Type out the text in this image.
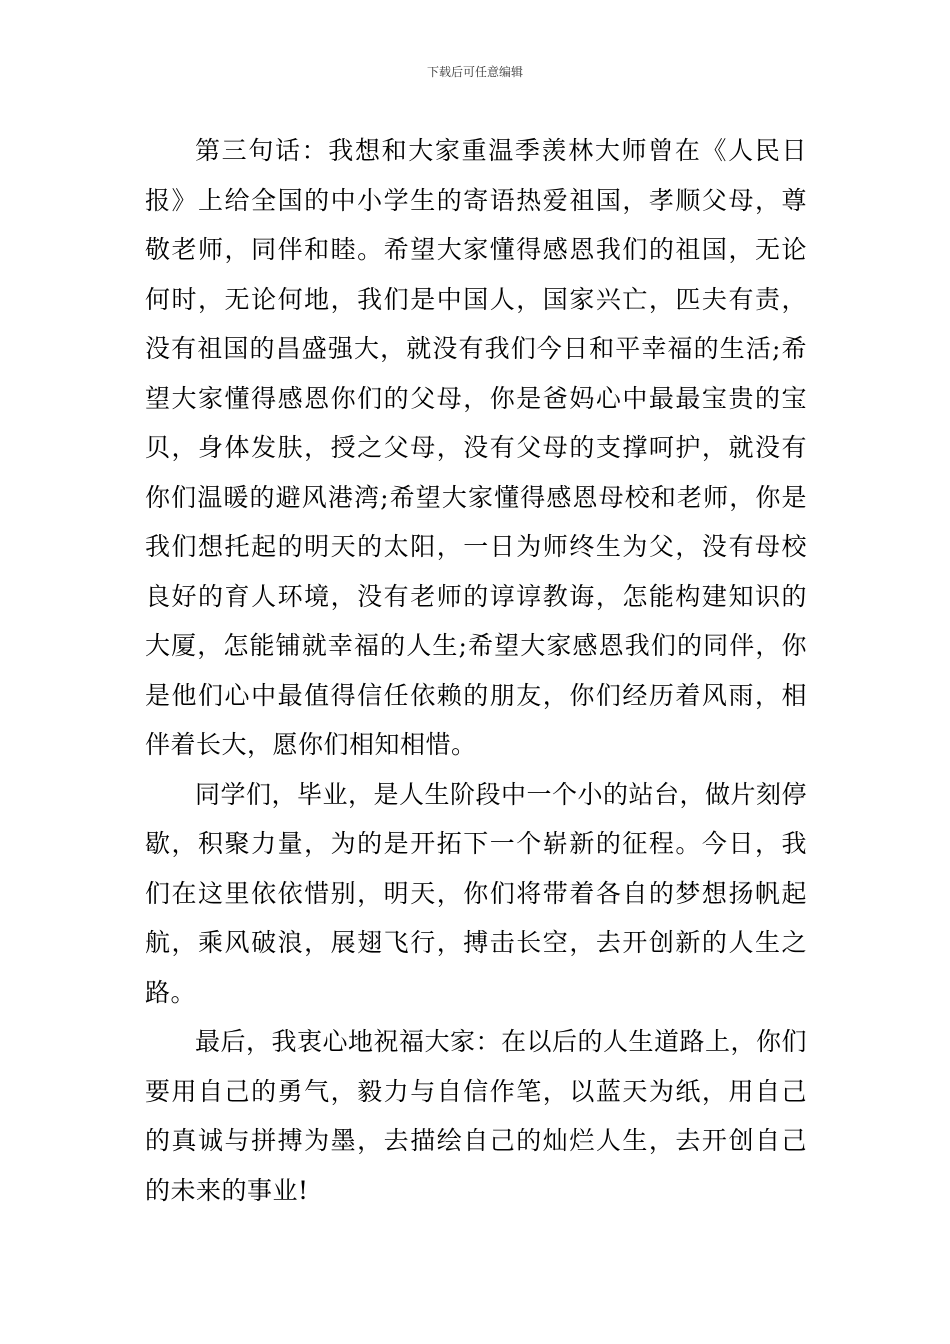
下载后可任意编辑

第三句话：我想和大家重温季羡林大师曾在《人民日报》上给全国的中小学生的寄语热爱祖国，孝顺父母，尊敬老师，同伴和睦。希望大家懂得感恩我们的祖国，无论何时，无论何地，我们是中国人，国家兴亡，匹夫有责，没有祖国的昌盛强大，就没有我们今日和平幸福的生活;希望大家懂得感恩你们的父母，你是爸妈心中最最宝贵的宝贝，身体发肤，授之父母，没有父母的支撑呵护，就没有你们温暖的避风港湾;希望大家懂得感恩母校和老师，你是我们想托起的明天的太阳，一日为师终生为父，没有母校良好的育人环境，没有老师的谆谆教诲，怎能构建知识的大厦，怎能铺就幸福的人生;希望大家感恩我们的同伴，你是他们心中最值得信任依赖的朋友，你们经历着风雨，相伴着长大，愿你们相知相惜。

同学们，毕业，是人生阶段中一个小的站台，做片刻停歇，积聚力量，为的是开拓下一个崭新的征程。今日，我们在这里依依惜别，明天，你们将带着各自的梦想扬帆起航，乘风破浪，展翅飞行，搏击长空，去开创新的人生之路。

最后，我衷心地祝福大家：在以后的人生道路上，你们要用自己的勇气，毅力与自信作笔，以蓝天为纸，用自己的真诚与拼搏为墨，去描绘自己的灿烂人生，去开创自己的未来的事业!
